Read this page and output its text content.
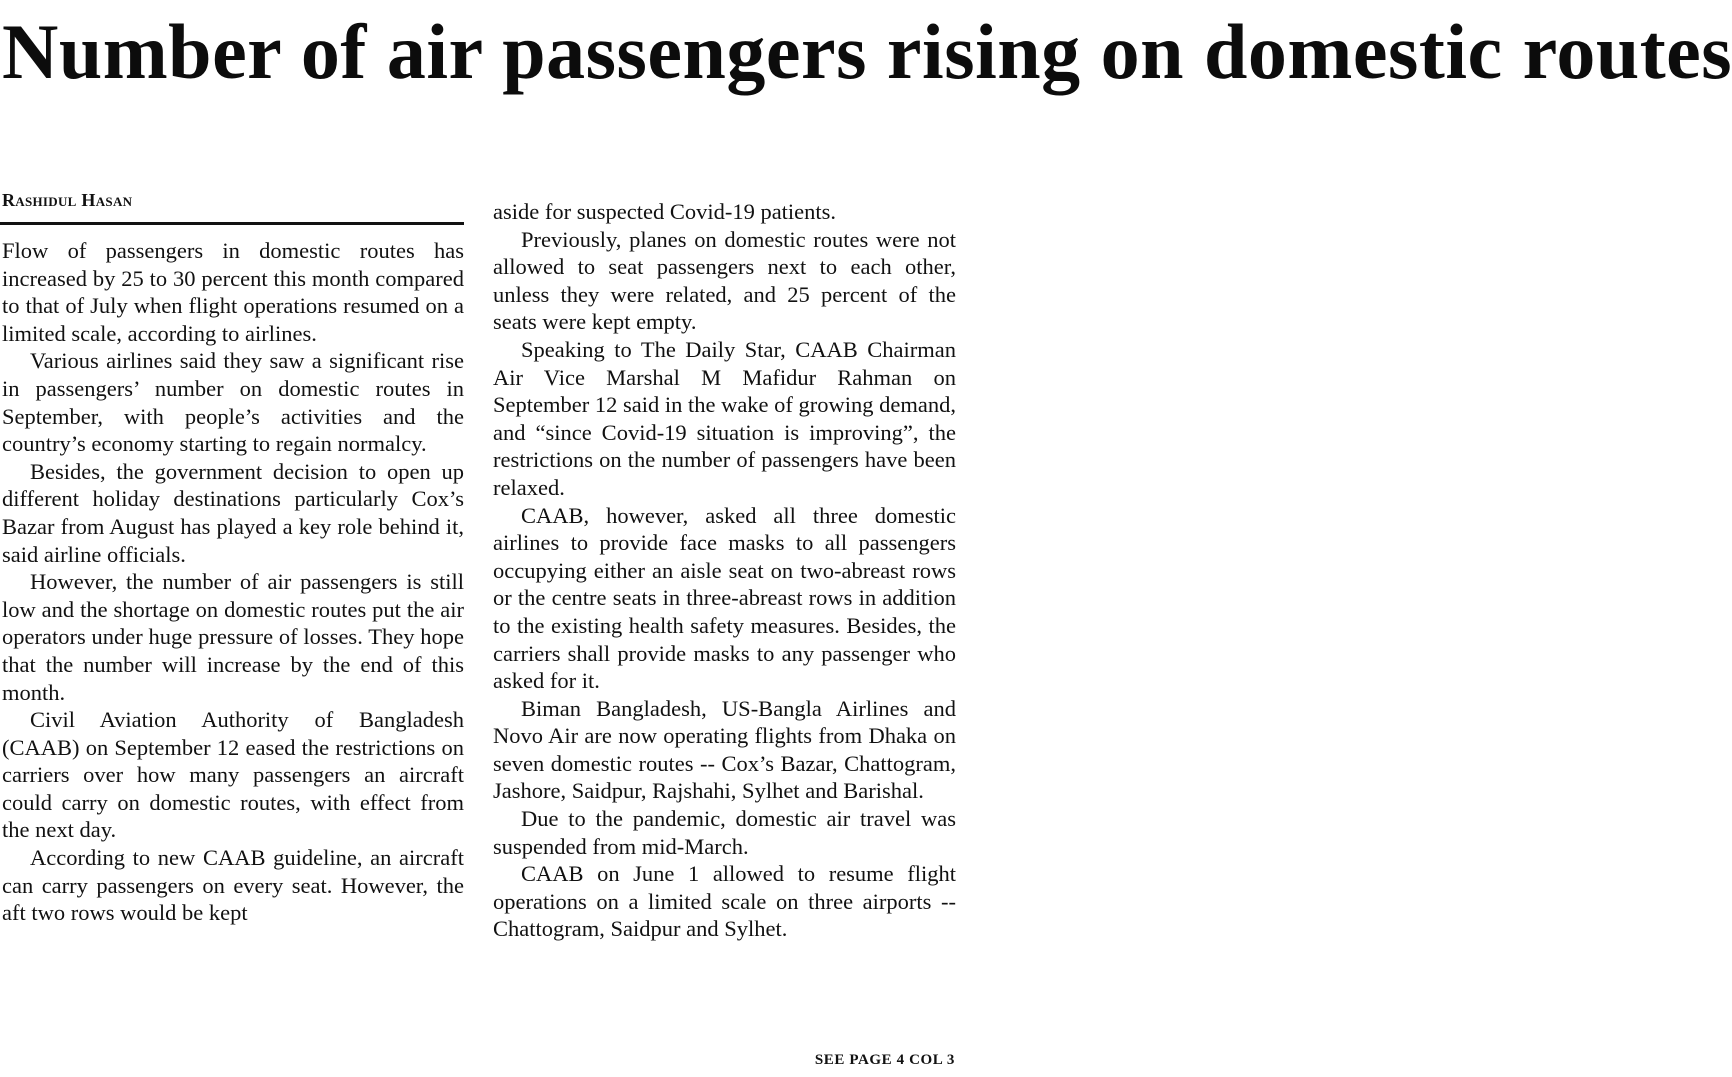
Number of air passengers rising on domestic routes
Rashidul Hasan

Flow of passengers in domestic routes has increased by 25 to 30 percent this month compared to that of July when flight operations resumed on a limited scale, according to airlines.

Various airlines said they saw a significant rise in passengers’ number on domestic routes in September, with people’s activities and the country’s economy starting to regain normalcy.

Besides, the government decision to open up different holiday destinations particularly Cox’s Bazar from August has played a key role behind it, said airline officials.

However, the number of air passengers is still low and the shortage on domestic routes put the air operators under huge pressure of losses. They hope that the number will increase by the end of this month.

Civil Aviation Authority of Bangladesh (CAAB) on September 12 eased the restrictions on carriers over how many passengers an aircraft could carry on domestic routes, with effect from the next day.

According to new CAAB guideline, an aircraft can carry passengers on every seat. However, the aft two rows would be kept

aside for suspected Covid-19 patients.

Previously, planes on domestic routes were not allowed to seat passengers next to each other, unless they were related, and 25 percent of the seats were kept empty.

Speaking to The Daily Star, CAAB Chairman Air Vice Marshal M Mafidur Rahman on September 12 said in the wake of growing demand, and “since Covid-19 situation is improving”, the restrictions on the number of passengers have been relaxed.

CAAB, however, asked all three domestic airlines to provide face masks to all passengers occupying either an aisle seat on two-abreast rows or the centre seats in three-abreast rows in addition to the existing health safety measures. Besides, the carriers shall provide masks to any passenger who asked for it.

Biman Bangladesh, US-Bangla Airlines and Novo Air are now operating flights from Dhaka on seven domestic routes -- Cox’s Bazar, Chattogram, Jashore, Saidpur, Rajshahi, Sylhet and Barishal.

Due to the pandemic, domestic air travel was suspended from mid-March.

CAAB on June 1 allowed to resume flight operations on a limited scale on three airports -- Chattogram, Saidpur and Sylhet.

SEE PAGE 4 COL 3
